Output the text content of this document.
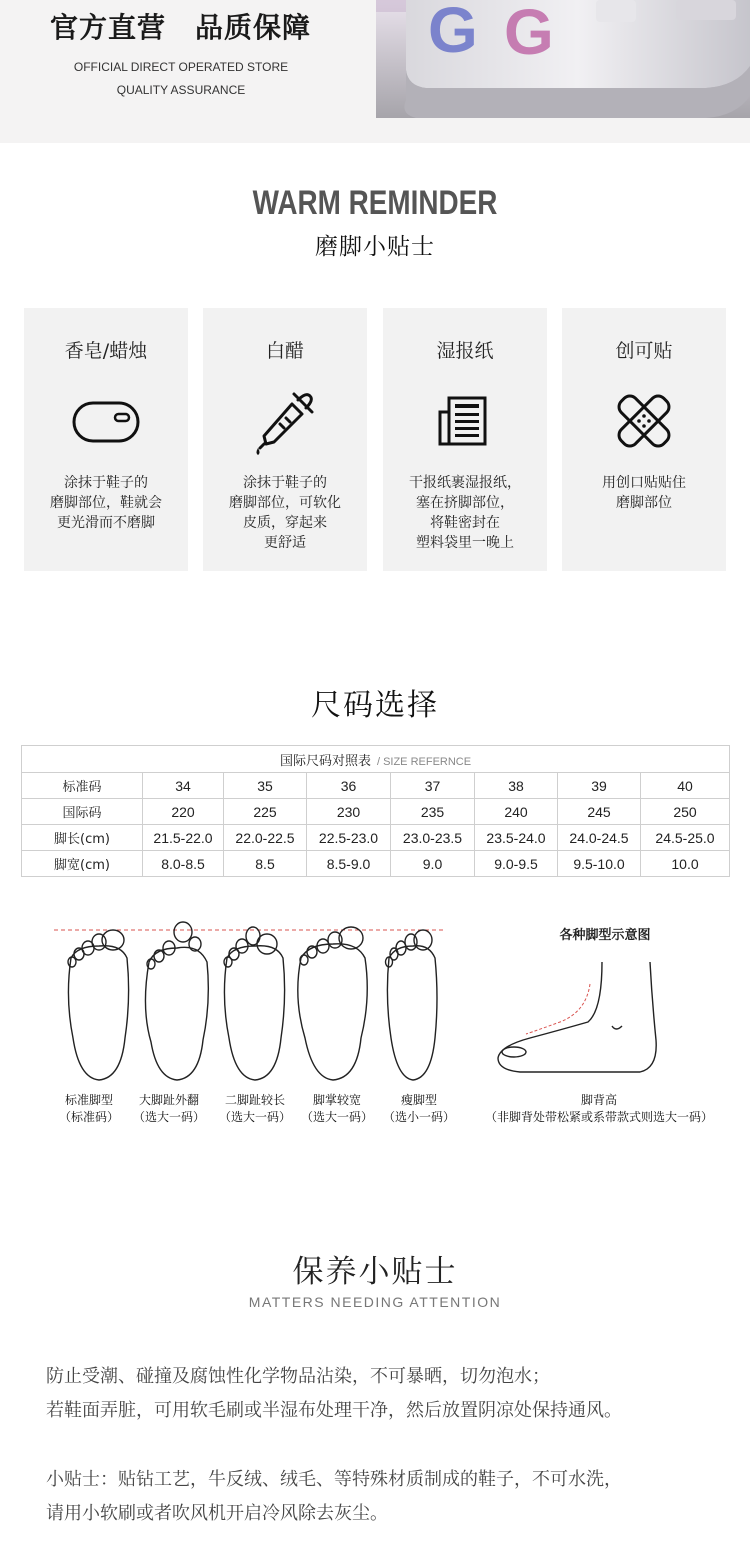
官方直营　品质保障
OFFICIAL DIRECT OPERATED STORE
QUALITY ASSURANCE
G G
WARM REMINDER
磨脚小贴士
香皂/蜡烛
涂抹于鞋子的
磨脚部位，鞋就会
更光滑而不磨脚
白醋
涂抹于鞋子的
磨脚部位，可软化
皮质，穿起来
更舒适
湿报纸
干报纸裹湿报纸，
塞在挤脚部位，
将鞋密封在
塑料袋里一晚上
创可贴
用创口贴贴住
磨脚部位
尺码选择
国际尺码对照表 / SIZE REFERNCE							
标准码	34	35	36	37	38	39	40
国际码	220	225	230	235	240	245	250
脚长(cm)	21.5-22.0	22.0-22.5	22.5-23.0	23.0-23.5	23.5-24.0	24.0-24.5	24.5-25.0
脚宽(cm)	8.0-8.5	8.5	8.5-9.0	9.0	9.0-9.5	9.5-10.0	10.0
标准脚型
（标准码）
大脚趾外翻
（选大一码）
二脚趾较长
（选大一码）
脚掌较宽
（选大一码）
瘦脚型
（选小一码）
各种脚型示意图
脚背高
（非脚背处带松紧或系带款式则选大一码）
保养小贴士
MATTERS NEEDING ATTENTION
防止受潮、碰撞及腐蚀性化学物品沾染，不可暴晒，切勿泡水；
若鞋面弄脏，可用软毛刷或半湿布处理干净，然后放置阴凉处保持通风。
小贴士：贴钻工艺，牛反绒、绒毛、等特殊材质制成的鞋子，不可水洗，
请用小软刷或者吹风机开启冷风除去灰尘。
